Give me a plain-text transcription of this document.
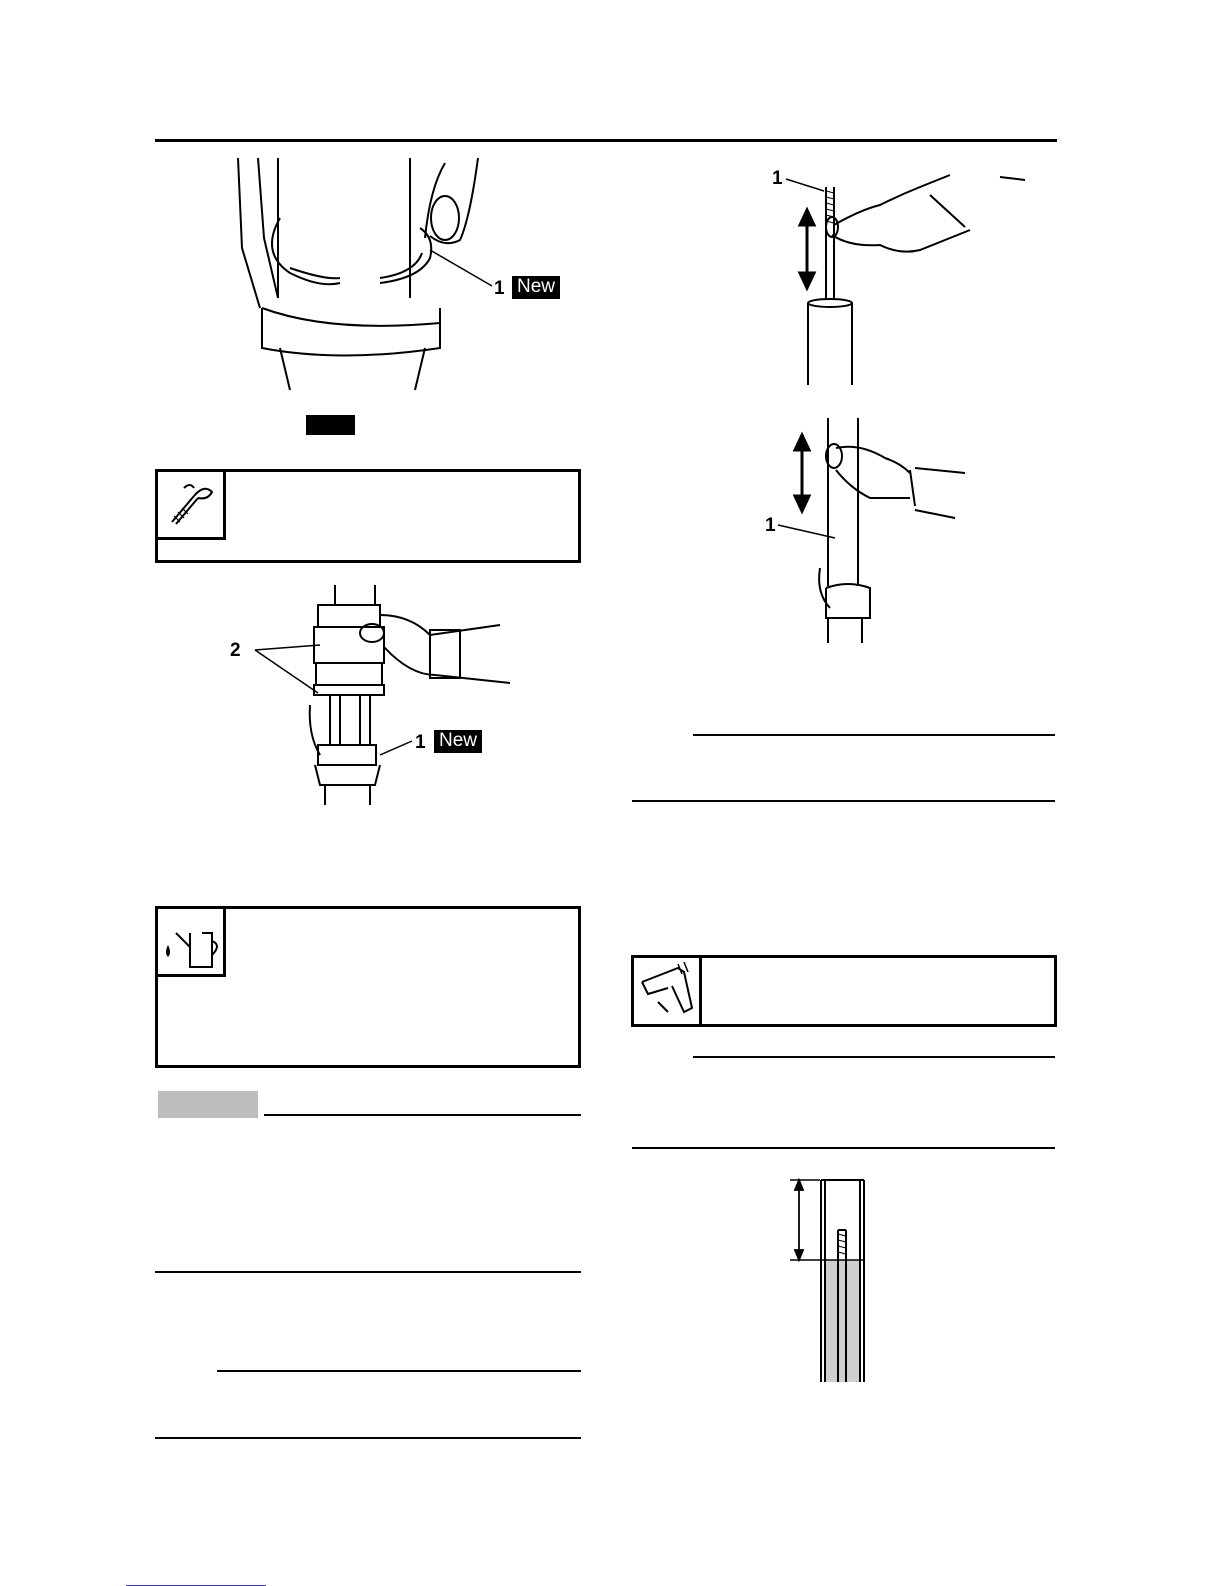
1 New
2
1 New
1
1
